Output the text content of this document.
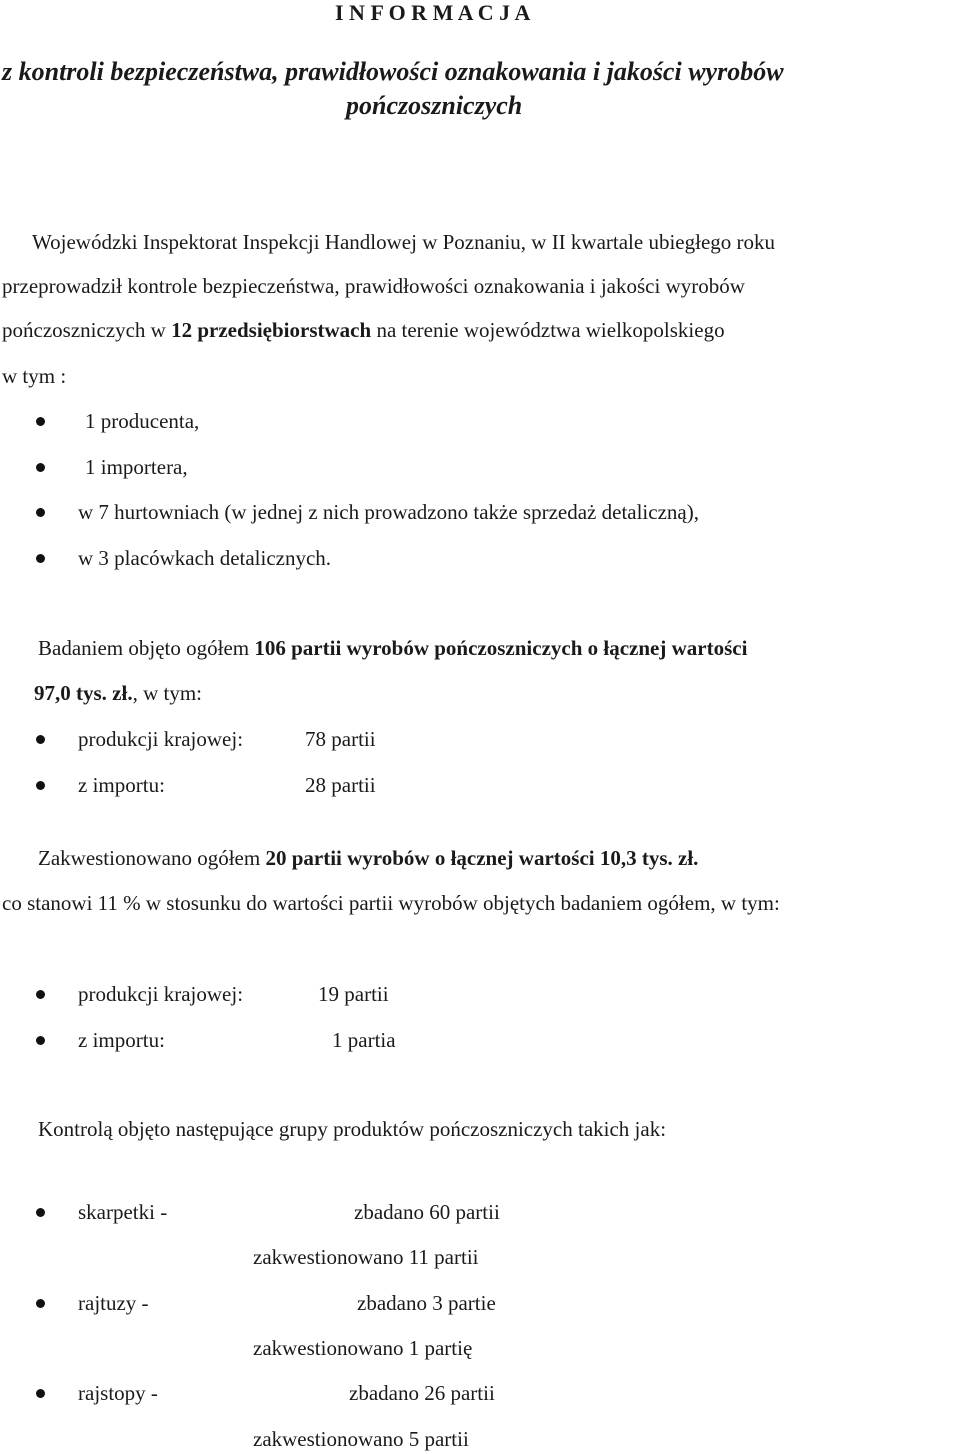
I N F O R M A C J A
z kontroli bezpieczeństwa, prawidłowości oznakowania i jakości wyrobów
pończoszniczych
Wojewódzki Inspektorat Inspekcji Handlowej w Poznaniu, w II kwartale ubiegłego roku
przeprowadził kontrole bezpieczeństwa, prawidłowości oznakowania i jakości wyrobów
pończoszniczych w 12 przedsiębiorstwach na terenie województwa wielkopolskiego
w tym :
1 producenta,
1 importera,
w 7 hurtowniach (w jednej z nich prowadzono także sprzedaż detaliczną),
w 3 placówkach detalicznych.
Badaniem objęto ogółem 106 partii wyrobów pończoszniczych o łącznej wartości
97,0 tys. zł., w tym:
produkcji krajowej:	78 partii
z importu:	28 partii
Zakwestionowano ogółem 20 partii wyrobów o łącznej wartości 10,3 tys. zł.
co stanowi 11 % w stosunku do wartości partii wyrobów objętych badaniem ogółem, w tym:
produkcji krajowej:	19 partii
z importu:	1 partia
Kontrolą objęto następujące grupy produktów pończoszniczych takich jak:
skarpetki -	zbadano 60 partii
zakwestionowano 11 partii
rajtuzy -	zbadano 3 partie
zakwestionowano 1 partię
rajstopy -	zbadano 26 partii
zakwestionowano 5 partii
